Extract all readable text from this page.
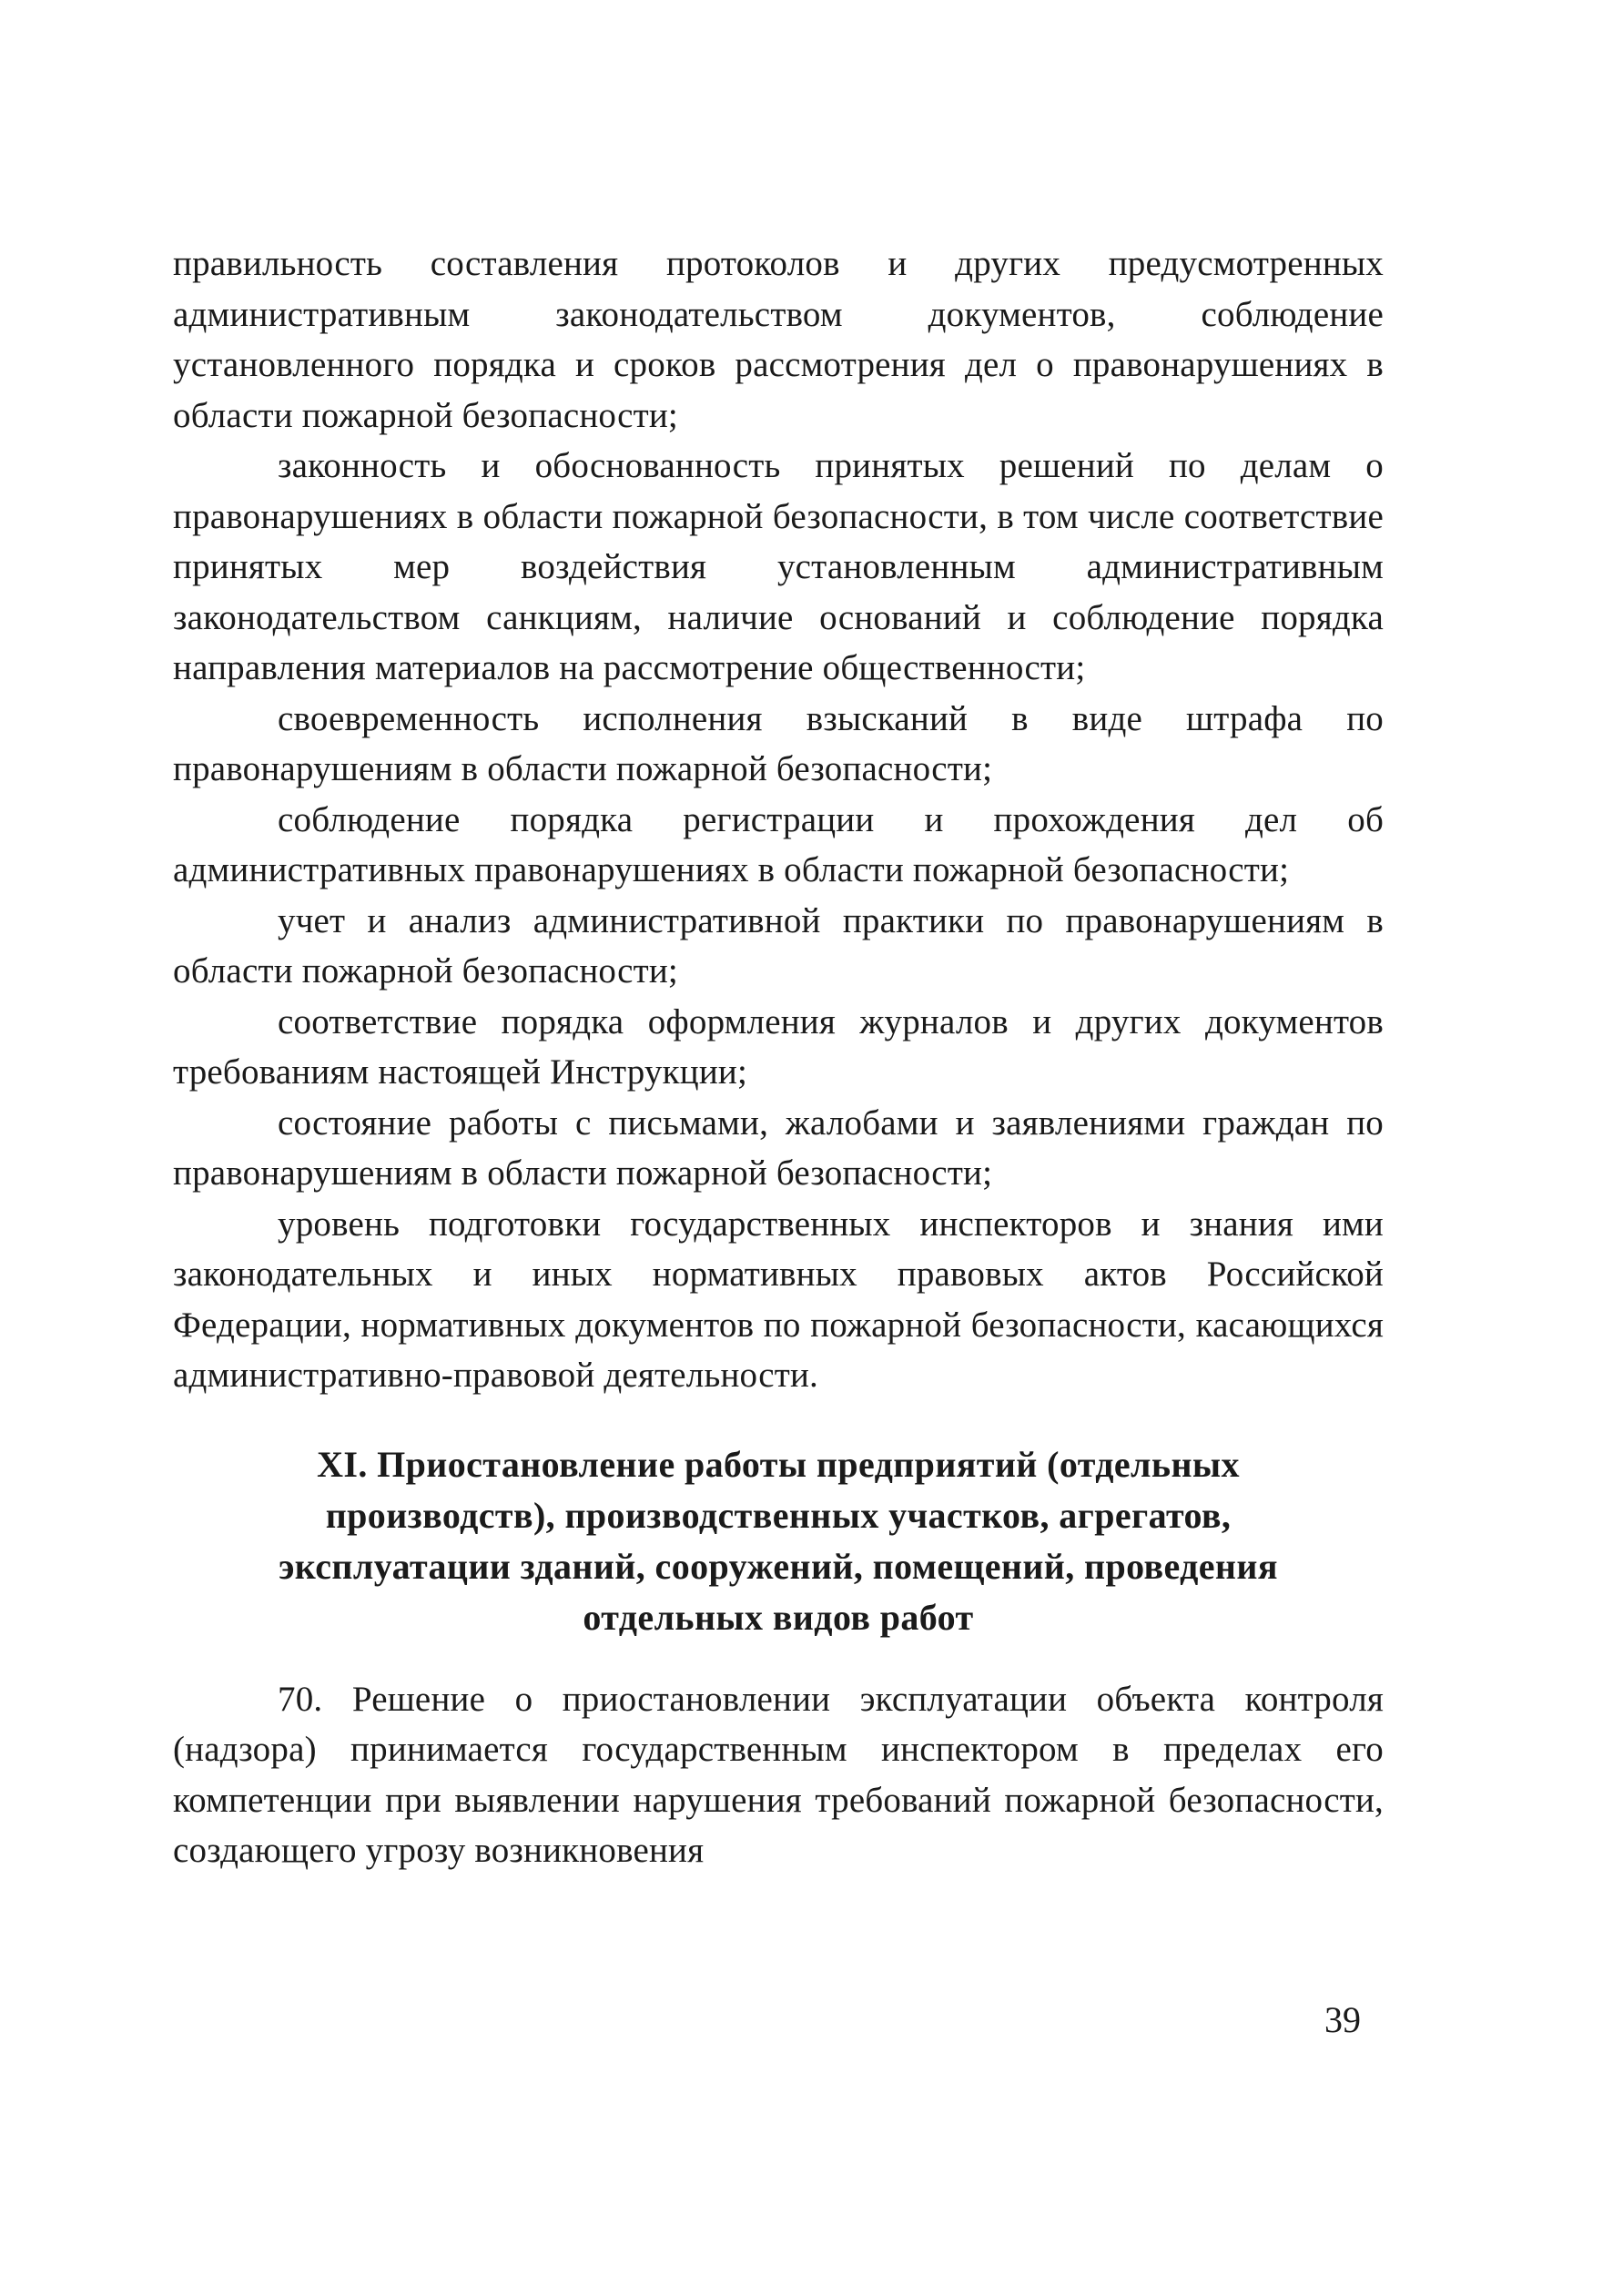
правильность составления протоколов и других предусмотренных административным законодательством документов, соблюдение установленного порядка и сроков рассмотрения дел о правонарушениях в области пожарной безопасности;

законность и обоснованность принятых решений по делам о правонарушениях в области пожарной безопасности, в том числе соответствие принятых мер воздействия установленным административным законодательством санкциям, наличие оснований и соблюдение порядка направления материалов на рассмотрение общественности;

своевременность исполнения взысканий в виде штрафа по правонарушениям в области пожарной безопасности;

соблюдение порядка регистрации и прохождения дел об административных правонарушениях в области пожарной безопасности;

учет и анализ административной практики по правонарушениям в области пожарной безопасности;

соответствие порядка оформления журналов и других документов требованиям настоящей Инструкции;

состояние работы с письмами, жалобами и заявлениями граждан по правонарушениям в области пожарной безопасности;

уровень подготовки государственных инспекторов и знания ими законодательных и иных нормативных правовых актов Российской Федерации, нормативных документов по пожарной безопасности, касающихся административно-правовой деятельности.

XI. Приостановление работы предприятий (отдельных производств), производственных участков, агрегатов, эксплуатации зданий, сооружений, помещений, проведения отдельных видов работ

70. Решение о приостановлении эксплуатации объекта контроля (надзора) принимается государственным инспектором в пределах его компетенции при выявлении нарушения требований пожарной безопасности, создающего угрозу возникновения

39
